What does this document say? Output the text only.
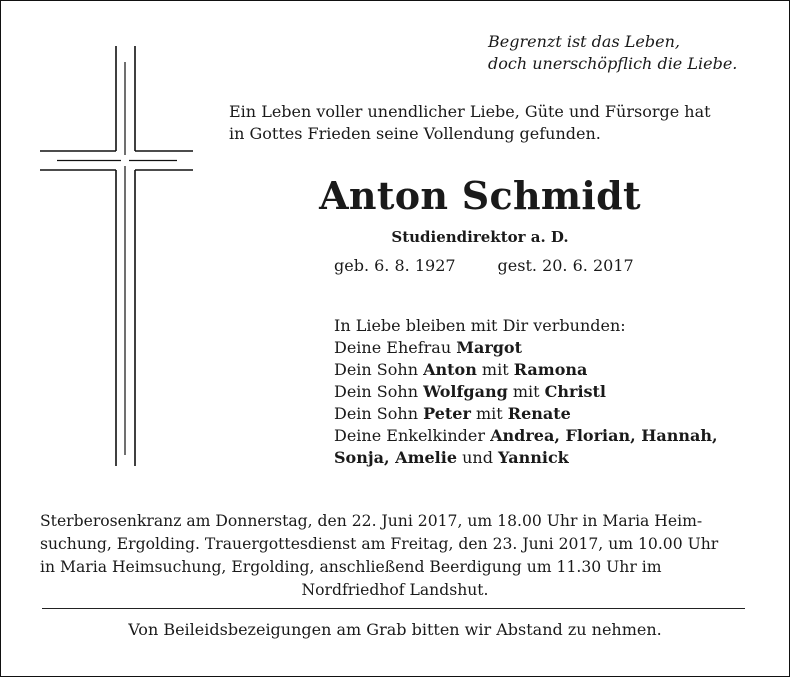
Begrenzt ist das Leben,
doch unerschöpflich die Liebe.
Ein Leben voller unendlicher Liebe, Güte und Fürsorge hat
in Gottes Frieden seine Vollendung gefunden.
Anton Schmidt
Studiendirektor a. D.
geb. 6. 8. 1927	gest. 20. 6. 2017
In Liebe bleiben mit Dir verbunden:
Deine Ehefrau Margot
Dein Sohn Anton mit Ramona
Dein Sohn Wolfgang mit Christl
Dein Sohn Peter mit Renate
Deine Enkelkinder Andrea, Florian, Hannah,
Sonja, Amelie und Yannick
Sterberosenkranz am Donnerstag, den 22. Juni 2017, um 18.00 Uhr in Maria Heim-
suchung, Ergolding. Trauergottesdienst am Freitag, den 23. Juni 2017, um 10.00 Uhr
in Maria Heimsuchung, Ergolding, anschließend Beerdigung um 11.30 Uhr im
Nordfriedhof Landshut.
Von Beileidsbezeigungen am Grab bitten wir Abstand zu nehmen.
